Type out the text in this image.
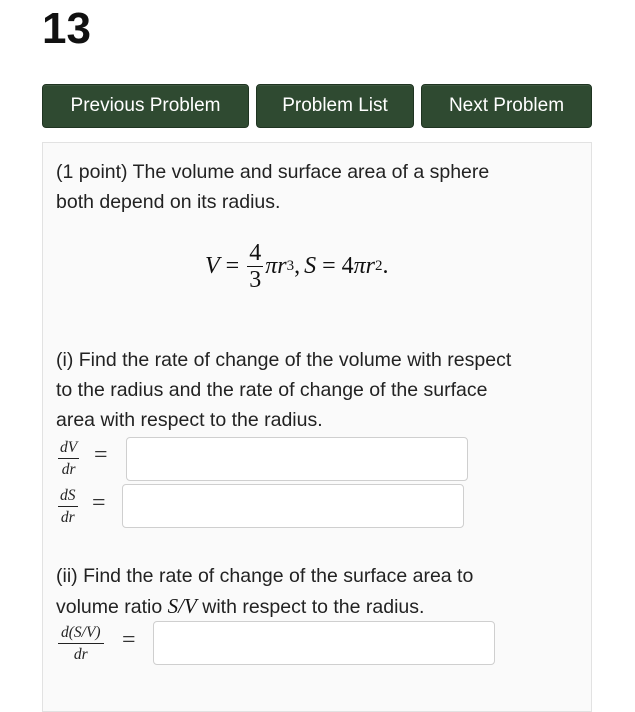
13
Previous Problem	Problem List	Next Problem
(1 point) The volume and surface area of a sphere
both depend on its radius.
$V = \frac{4}{3}$ π r 3 , S = 4 π r 2 .
(i) Find the rate of change of the volume with respect
to the radius and the rate of change of the surface
area with respect to the radius.
$\frac{dV}{dr}$ =
$\frac{dS}{dr}$ =
(ii) Find the rate of change of the surface area to
volume ratio S/V with respect to the radius.
$\frac{d(S/V)}{dr}$ =
